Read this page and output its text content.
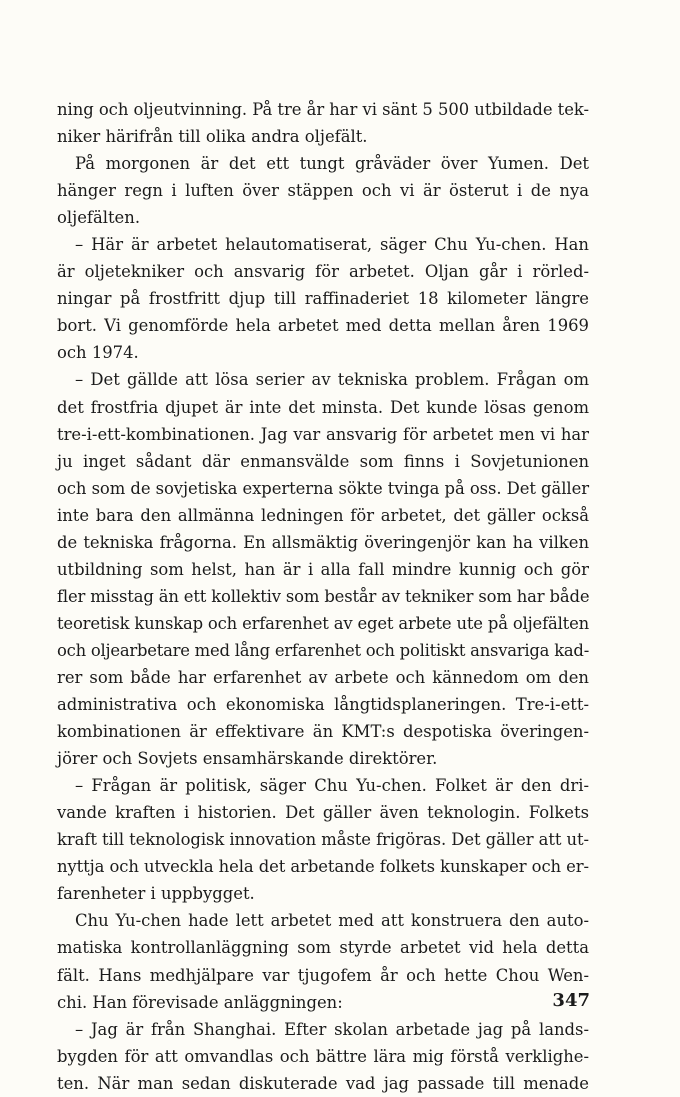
ning och oljeutvinning. På tre år har vi sänt 5 500 utbildade tek-
niker härifrån till olika andra oljefält.
På morgonen är det ett tungt gråväder över Yumen. Det
hänger regn i luften över stäppen och vi är österut i de nya
oljefälten.
– Här är arbetet helautomatiserat, säger Chu Yu-chen. Han
är oljetekniker och ansvarig för arbetet. Oljan går i rörled-
ningar på frostfritt djup till raffinaderiet 18 kilometer längre
bort. Vi genomförde hela arbetet med detta mellan åren 1969
och 1974.
– Det gällde att lösa serier av tekniska problem. Frågan om
det frostfria djupet är inte det minsta. Det kunde lösas genom
tre-i-ett-kombinationen. Jag var ansvarig för arbetet men vi har
ju inget sådant där enmansvälde som finns i Sovjetunionen
och som de sovjetiska experterna sökte tvinga på oss. Det gäller
inte bara den allmänna ledningen för arbetet, det gäller också
de tekniska frågorna. En allsmäktig överingenjör kan ha vilken
utbildning som helst, han är i alla fall mindre kunnig och gör
fler misstag än ett kollektiv som består av tekniker som har både
teoretisk kunskap och erfarenhet av eget arbete ute på oljefälten
och oljearbetare med lång erfarenhet och politiskt ansvariga kad-
rer som både har erfarenhet av arbete och kännedom om den
administrativa och ekonomiska långtidsplaneringen. Tre-i-ett-
kombinationen är effektivare än KMT:s despotiska överingen-
jörer och Sovjets ensamhärskande direktörer.
– Frågan är politisk, säger Chu Yu-chen. Folket är den dri-
vande kraften i historien. Det gäller även teknologin. Folkets
kraft till teknologisk innovation måste frigöras. Det gäller att ut-
nyttja och utveckla hela det arbetande folkets kunskaper och er-
farenheter i uppbygget.
Chu Yu-chen hade lett arbetet med att konstruera den auto-
matiska kontrollanläggning som styrde arbetet vid hela detta
fält. Hans medhjälpare var tjugofem år och hette Chou Wen-
chi. Han förevisade anläggningen:
– Jag är från Shanghai. Efter skolan arbetade jag på lands-
bygden för att omvandlas och bättre lära mig förstå verklighe-
ten. När man sedan diskuterade vad jag passade till menade
347
